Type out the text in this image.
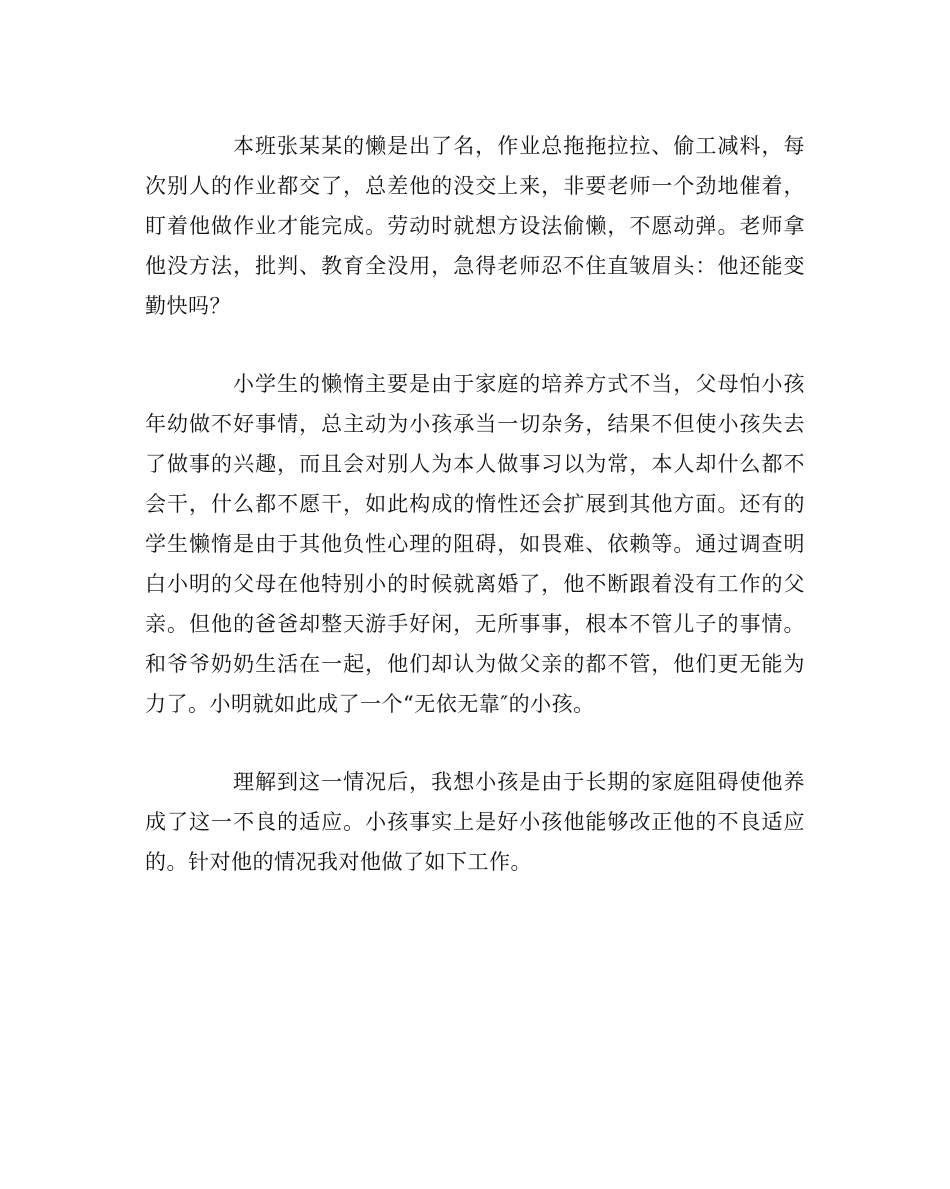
本班张某某的懒是出了名，作业总拖拖拉拉、偷工减料，每次别人的作业都交了，总差他的没交上来，非要老师一个劲地催着，盯着他做作业才能完成。劳动时就想方设法偷懒，不愿动弹。老师拿他没方法，批判、教育全没用，急得老师忍不住直皱眉头：他还能变勤快吗？

小学生的懒惰主要是由于家庭的培养方式不当，父母怕小孩年幼做不好事情，总主动为小孩承当一切杂务，结果不但使小孩失去了做事的兴趣，而且会对别人为本人做事习以为常，本人却什么都不会干，什么都不愿干，如此构成的惰性还会扩展到其他方面。还有的学生懒惰是由于其他负性心理的阻碍，如畏难、依赖等。通过调查明白小明的父母在他特别小的时候就离婚了，他不断跟着没有工作的父亲。但他的爸爸却整天游手好闲，无所事事，根本不管儿子的事情。和爷爷奶奶生活在一起，他们却认为做父亲的都不管，他们更无能为力了。小明就如此成了一个“无依无靠″的小孩。

理解到这一情况后，我想小孩是由于长期的家庭阻碍使他养成了这一不良的适应。小孩事实上是好小孩他能够改正他的不良适应的。针对他的情况我对他做了如下工作。
